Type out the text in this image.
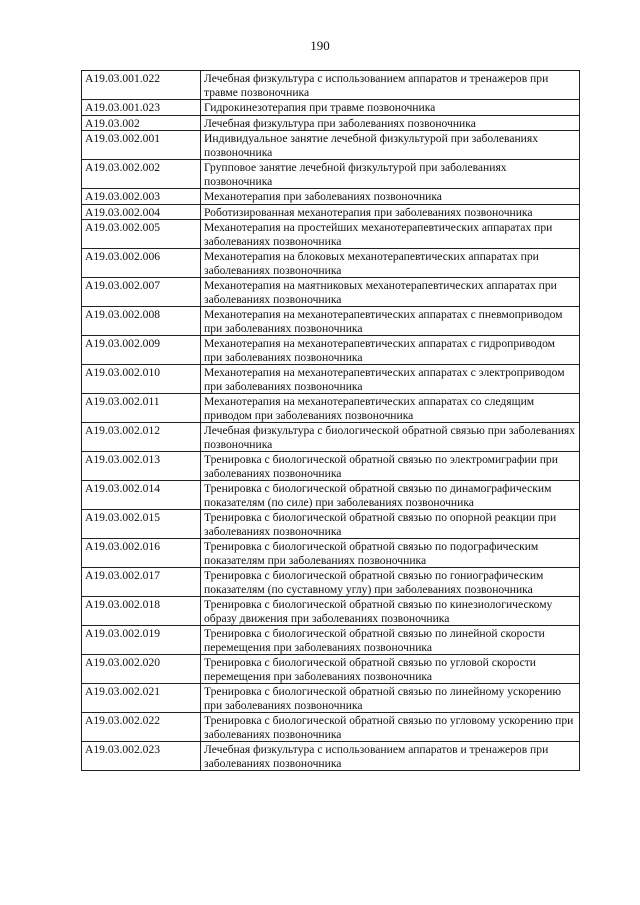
190
А19.03.001.022	Лечебная физкультура с использованием аппаратов и тренажеров при травме позвоночника
А19.03.001.023	Гидрокинезотерапия при травме позвоночника
А19.03.002	Лечебная физкультура при заболеваниях позвоночника
А19.03.002.001	Индивидуальное занятие лечебной физкультурой при заболеваниях позвоночника
А19.03.002.002	Групповое занятие лечебной физкультурой при заболеваниях позвоночника
А19.03.002.003	Механотерапия при заболеваниях позвоночника
А19.03.002.004	Роботизированная механотерапия при заболеваниях позвоночника
А19.03.002.005	Механотерапия на простейших механотерапевтических аппаратах при заболеваниях позвоночника
А19.03.002.006	Механотерапия на блоковых механотерапевтических аппаратах при заболеваниях позвоночника
А19.03.002.007	Механотерапия на маятниковых механотерапевтических аппаратах при заболеваниях позвоночника
А19.03.002.008	Механотерапия на механотерапевтических аппаратах с пневмоприводом при заболеваниях позвоночника
А19.03.002.009	Механотерапия на механотерапевтических аппаратах с гидроприводом при заболеваниях позвоночника
А19.03.002.010	Механотерапия на механотерапевтических аппаратах с электроприводом при заболеваниях позвоночника
А19.03.002.011	Механотерапия на механотерапевтических аппаратах со следящим приводом при заболеваниях позвоночника
А19.03.002.012	Лечебная физкультура с биологической обратной связью при заболеваниях позвоночника
А19.03.002.013	Тренировка с биологической обратной связью по электромиграфии при заболеваниях позвоночника
А19.03.002.014	Тренировка с биологической обратной связью по динамографическим показателям (по силе) при заболеваниях позвоночника
А19.03.002.015	Тренировка с биологической обратной связью по опорной реакции при заболеваниях позвоночника
А19.03.002.016	Тренировка с биологической обратной связью по подографическим показателям при заболеваниях позвоночника
А19.03.002.017	Тренировка с биологической обратной связью по гониографическим показателям (по суставному углу) при заболеваниях позвоночника
А19.03.002.018	Тренировка с биологической обратной связью по кинезиологическому образу движения при заболеваниях позвоночника
А19.03.002.019	Тренировка с биологической обратной связью по линейной скорости перемещения при заболеваниях позвоночника
А19.03.002.020	Тренировка с биологической обратной связью по угловой скорости перемещения при заболеваниях позвоночника
А19.03.002.021	Тренировка с биологической обратной связью по линейному ускорению при заболеваниях позвоночника
А19.03.002.022	Тренировка с биологической обратной связью по угловому ускорению при заболеваниях позвоночника
А19.03.002.023	Лечебная физкультура с использованием аппаратов и тренажеров при заболеваниях позвоночника
